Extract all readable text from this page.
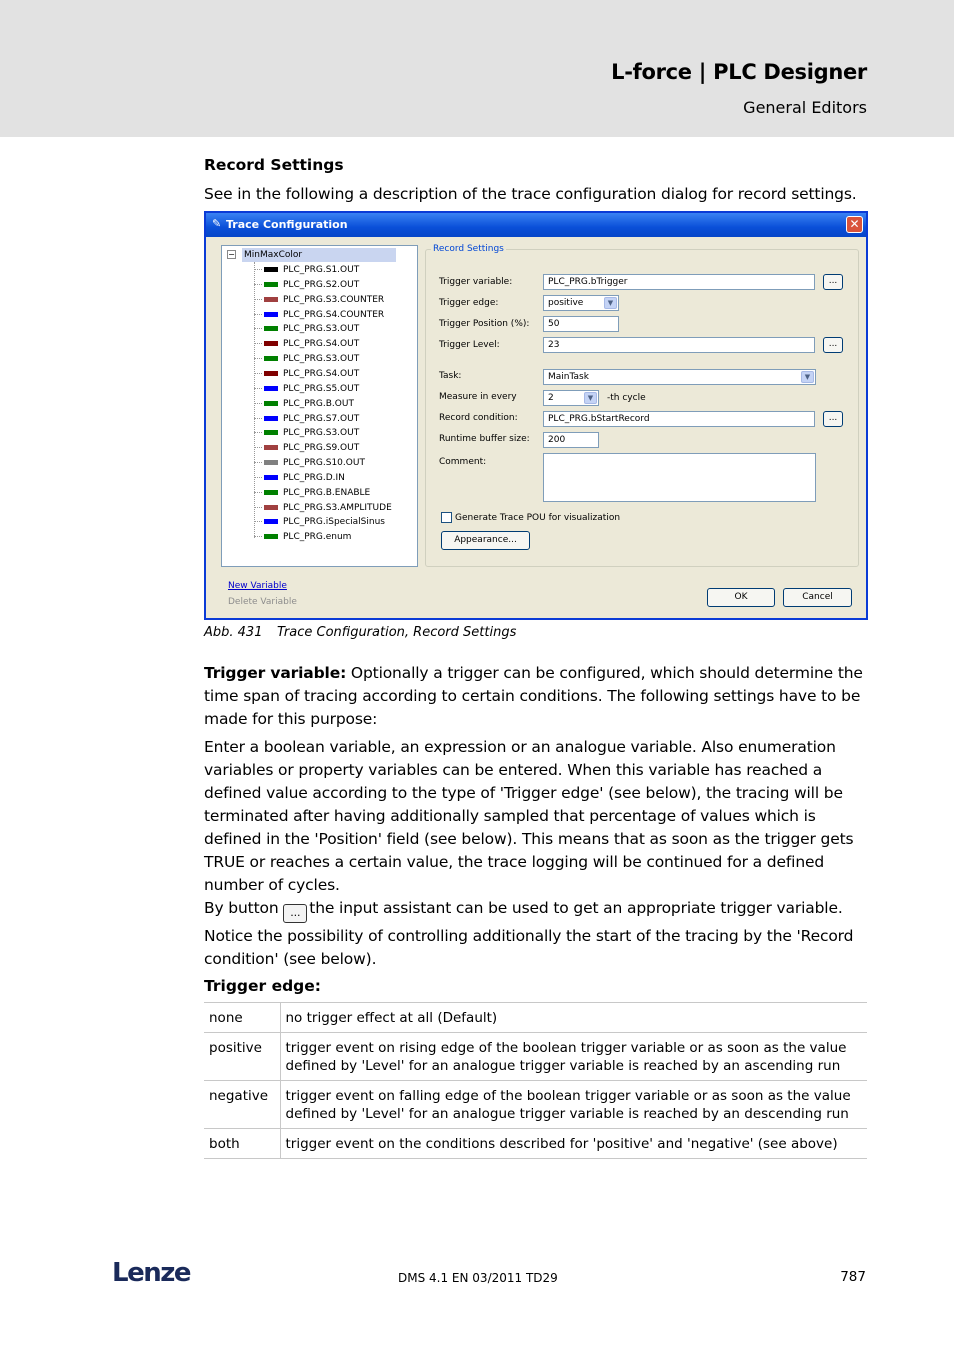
L-force | PLC Designer
General Editors
Record Settings
See in the following a description of the trace configuration dialog for record settings.
✎ Trace Configuration	✕
− MinMaxColor
PLC_PRG.S1.OUT
PLC_PRG.S2.OUT
PLC_PRG.S3.COUNTER
PLC_PRG.S4.COUNTER
PLC_PRG.S3.OUT
PLC_PRG.S4.OUT
PLC_PRG.S3.OUT
PLC_PRG.S4.OUT
PLC_PRG.S5.OUT
PLC_PRG.B.OUT
PLC_PRG.S7.OUT
PLC_PRG.S3.OUT
PLC_PRG.S9.OUT
PLC_PRG.S10.OUT
PLC_PRG.D.IN
PLC_PRG.B.ENABLE
PLC_PRG.S3.AMPLITUDE
PLC_PRG.iSpecialSinus
PLC_PRG.enum
Record Settings
Trigger variable:	PLC_PRG.bTrigger	...
Trigger edge:	positive	▼
Trigger Position (%):	50
Trigger Level:	23	...
Task:	MainTask	▼
Measure in every	2	▼	-th cycle
Record condition:	PLC_PRG.bStartRecord	...
Runtime buffer size:	200
Comment:
Generate Trace POU for visualization
Appearance...
New Variable
Delete Variable	OK	Cancel
Abb. 431 Trace Configuration, Record Settings
Trigger variable: Optionally a trigger can be configured, which should determine the time span of tracing according to certain conditions. The following settings have to be made for this purpose:
Enter a boolean variable, an expression or an analogue variable. Also enumeration variables or property variables can be entered. When this variable has reached a defined value according to the type of 'Trigger edge' (see below), the tracing will be terminated after having additionally sampled that percentage of values which is defined in the 'Position' field (see below). This means that as soon as the trigger gets TRUE or reaches a certain value, the trace logging will be continued for a defined number of cycles.
By button ... the input assistant can be used to get an appropriate trigger variable.
Notice the possibility of controlling additionally the start of the tracing by the 'Record condition' (see below).
Trigger edge:
none	no trigger effect at all (Default)
positive	trigger event on rising edge of the boolean trigger variable or as soon as the value defined by 'Level' for an analogue trigger variable is reached by an ascending run
negative	trigger event on falling edge of the boolean trigger variable or as soon as the value defined by 'Level' for an analogue trigger variable is reached by an descending run
both	trigger event on the conditions described for 'positive' and 'negative' (see above)
Lenze	DMS 4.1 EN 03/2011 TD29	787
